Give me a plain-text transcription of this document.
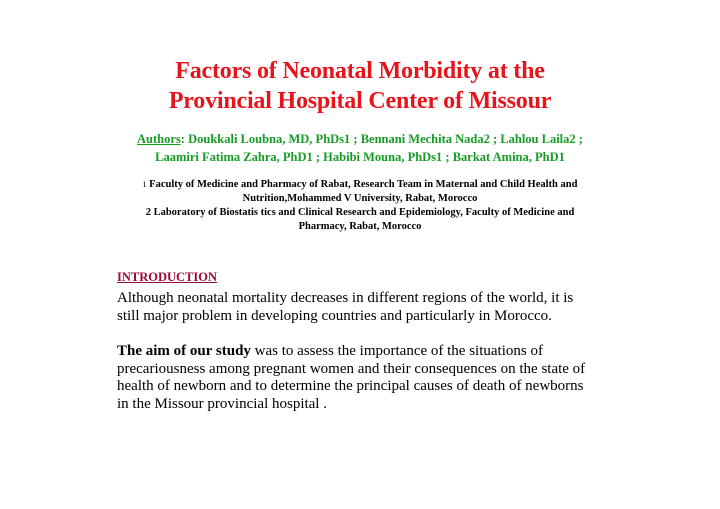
Factors of Neonatal Morbidity at the
Provincial Hospital Center of Missour
Authors: Doukkali Loubna, MD, PhDs1 ; Bennani Mechita Nada2 ; Lahlou Laila2 ;
Laamiri Fatima Zahra, PhD1 ; Habibi Mouna, PhDs1 ; Barkat Amina, PhD1
1 Faculty of Medicine and Pharmacy of Rabat, Research Team in Maternal and Child Health and
Nutrition,Mohammed V University, Rabat, Morocco
2 Laboratory of Biostatis tics and Clinical Research and Epidemiology, Faculty of Medicine and
Pharmacy, Rabat, Morocco
INTRODUCTION
Although neonatal mortality decreases in different regions of the world, it is still major problem in developing countries and particularly in Morocco.
The aim of our study was to assess the importance of the situations of precariousness among pregnant women and their consequences on the state of health of newborn and to determine the principal causes of death of newborns in the Missour provincial hospital .
